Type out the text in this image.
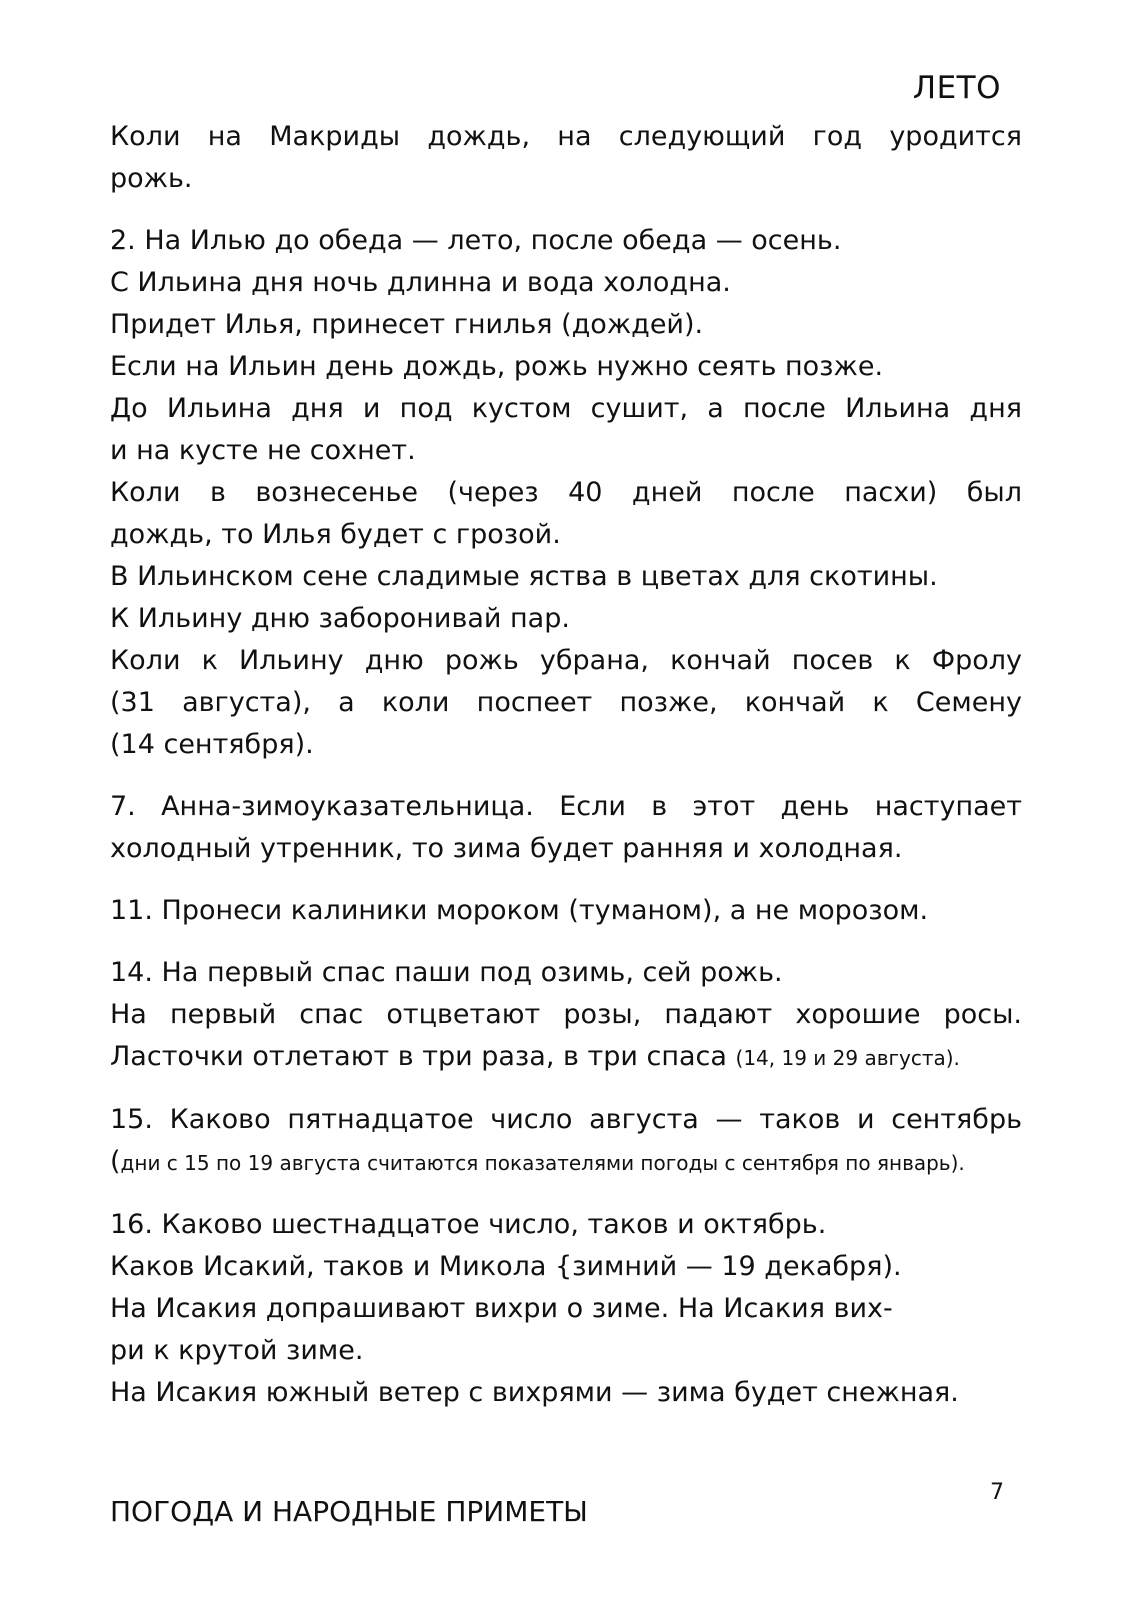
ЛЕТО
Коли на Макриды дождь, на следующий год уродится
рожь.
2. На Илью до обеда — лето, после обеда — осень.
С Ильина дня ночь длинна и вода холодна.
Придет Илья, принесет гнилья (дождей).
Если на Ильин день дождь, рожь нужно сеять позже.
До Ильина дня и под кустом сушит, а после Ильина дня
и на кусте не сохнет.
Коли в вознесенье (через 40 дней после пасхи) был
дождь, то Илья будет с грозой.
В Ильинском сене сладимые яства в цветах для скотины.
К Ильину дню заборонивай пар.
Коли к Ильину дню рожь убрана, кончай посев к Фролу
(31 августа), а коли поспеет позже, кончай к Семену
(14 сентября).
7. Анна-зимоуказательница. Если в этот день наступает
холодный утренник, то зима будет ранняя и холодная.
11. Пронеси калиники мороком (туманом), а не морозом.
14. На первый спас паши под озимь, сей рожь.
На первый спас отцветают розы, падают хорошие росы.
Ласточки отлетают в три раза, в три спаса (14, 19 и 29 августа).
15. Каково пятнадцатое число августа — таков и сентябрь
(дни с 15 по 19 августа считаются показателями погоды с сентября по январь).
16. Каково шестнадцатое число, таков и октябрь.
Каков Исакий, таков и Микола {зимний — 19 декабря).
На Исакия допрашивают вихри о зиме. На Исакия вих-
ри к крутой зиме.
На Исакия южный ветер с вихрями — зима будет снежная.
ПОГОДА И НАРОДНЫЕ ПРИМЕТЫ
7
